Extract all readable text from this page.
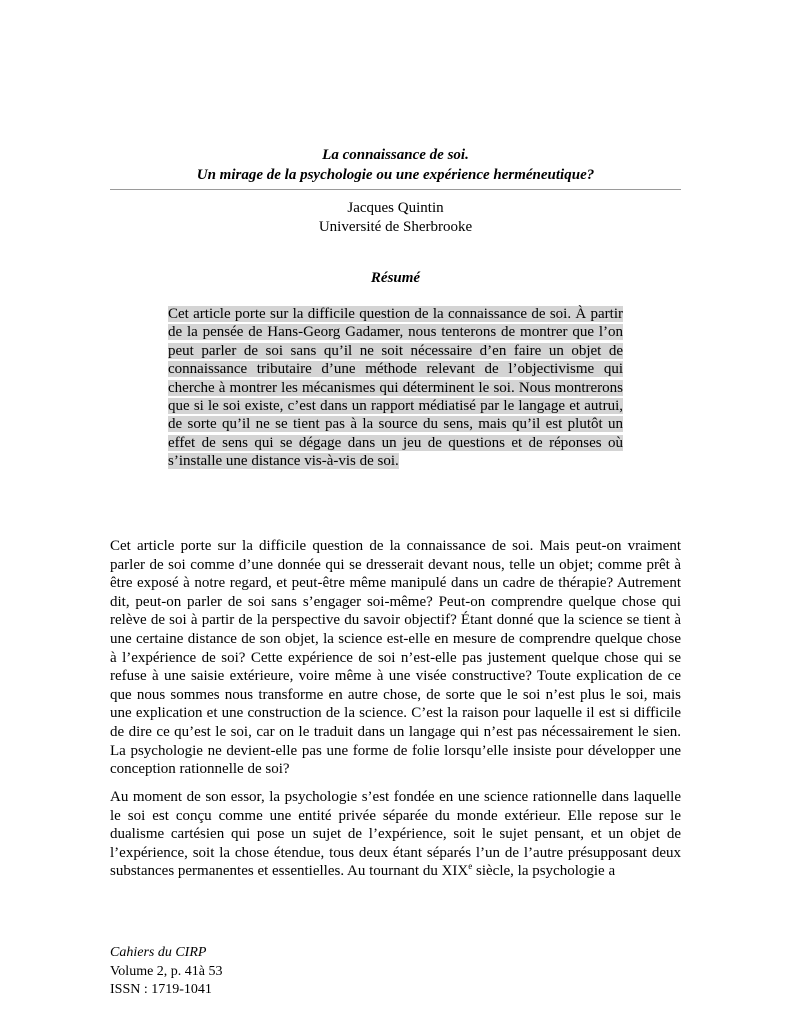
La connaissance de soi.
Un mirage de la psychologie ou une expérience herméneutique?
Jacques Quintin
Université de Sherbrooke
Résumé
Cet article porte sur la difficile question de la connaissance de soi. À partir de la pensée de Hans-Georg Gadamer, nous tenterons de montrer que l’on peut parler de soi sans qu’il ne soit nécessaire d’en faire un objet de connaissance tributaire d’une méthode relevant de l’objectivisme qui cherche à montrer les mécanismes qui déterminent le soi. Nous montrerons que si le soi existe, c’est dans un rapport médiatisé par le langage et autrui, de sorte qu’il ne se tient pas à la source du sens, mais qu’il est plutôt un effet de sens qui se dégage dans un jeu de questions et de réponses où s’installe une distance vis-à-vis de soi.
Cet article porte sur la difficile question de la connaissance de soi. Mais peut-on vraiment parler de soi comme d’une donnée qui se dresserait devant nous, telle un objet; comme prêt à être exposé à notre regard, et peut-être même manipulé dans un cadre de thérapie? Autrement dit, peut-on parler de soi sans s’engager soi-même? Peut-on comprendre quelque chose qui relève de soi à partir de la perspective du savoir objectif? Étant donné que la science se tient à une certaine distance de son objet, la science est-elle en mesure de comprendre quelque chose à l’expérience de soi? Cette expérience de soi n’est-elle pas justement quelque chose qui se refuse à une saisie extérieure, voire même à une visée constructive? Toute explication de ce que nous sommes nous transforme en autre chose, de sorte que le soi n’est plus le soi, mais une explication et une construction de la science. C’est la raison pour laquelle il est si difficile de dire ce qu’est le soi, car on le traduit dans un langage qui n’est pas nécessairement le sien. La psychologie ne devient-elle pas une forme de folie lorsqu’elle insiste pour développer une conception rationnelle de soi?
Au moment de son essor, la psychologie s’est fondée en une science rationnelle dans laquelle le soi est conçu comme une entité privée séparée du monde extérieur. Elle repose sur le dualisme cartésien qui pose un sujet de l’expérience, soit le sujet pensant, et un objet de l’expérience, soit la chose étendue, tous deux étant séparés l’un de l’autre présupposant deux substances permanentes et essentielles. Au tournant du XIXe siècle, la psychologie a
Cahiers du CIRP
Volume 2, p. 41à 53
ISSN : 1719-1041
